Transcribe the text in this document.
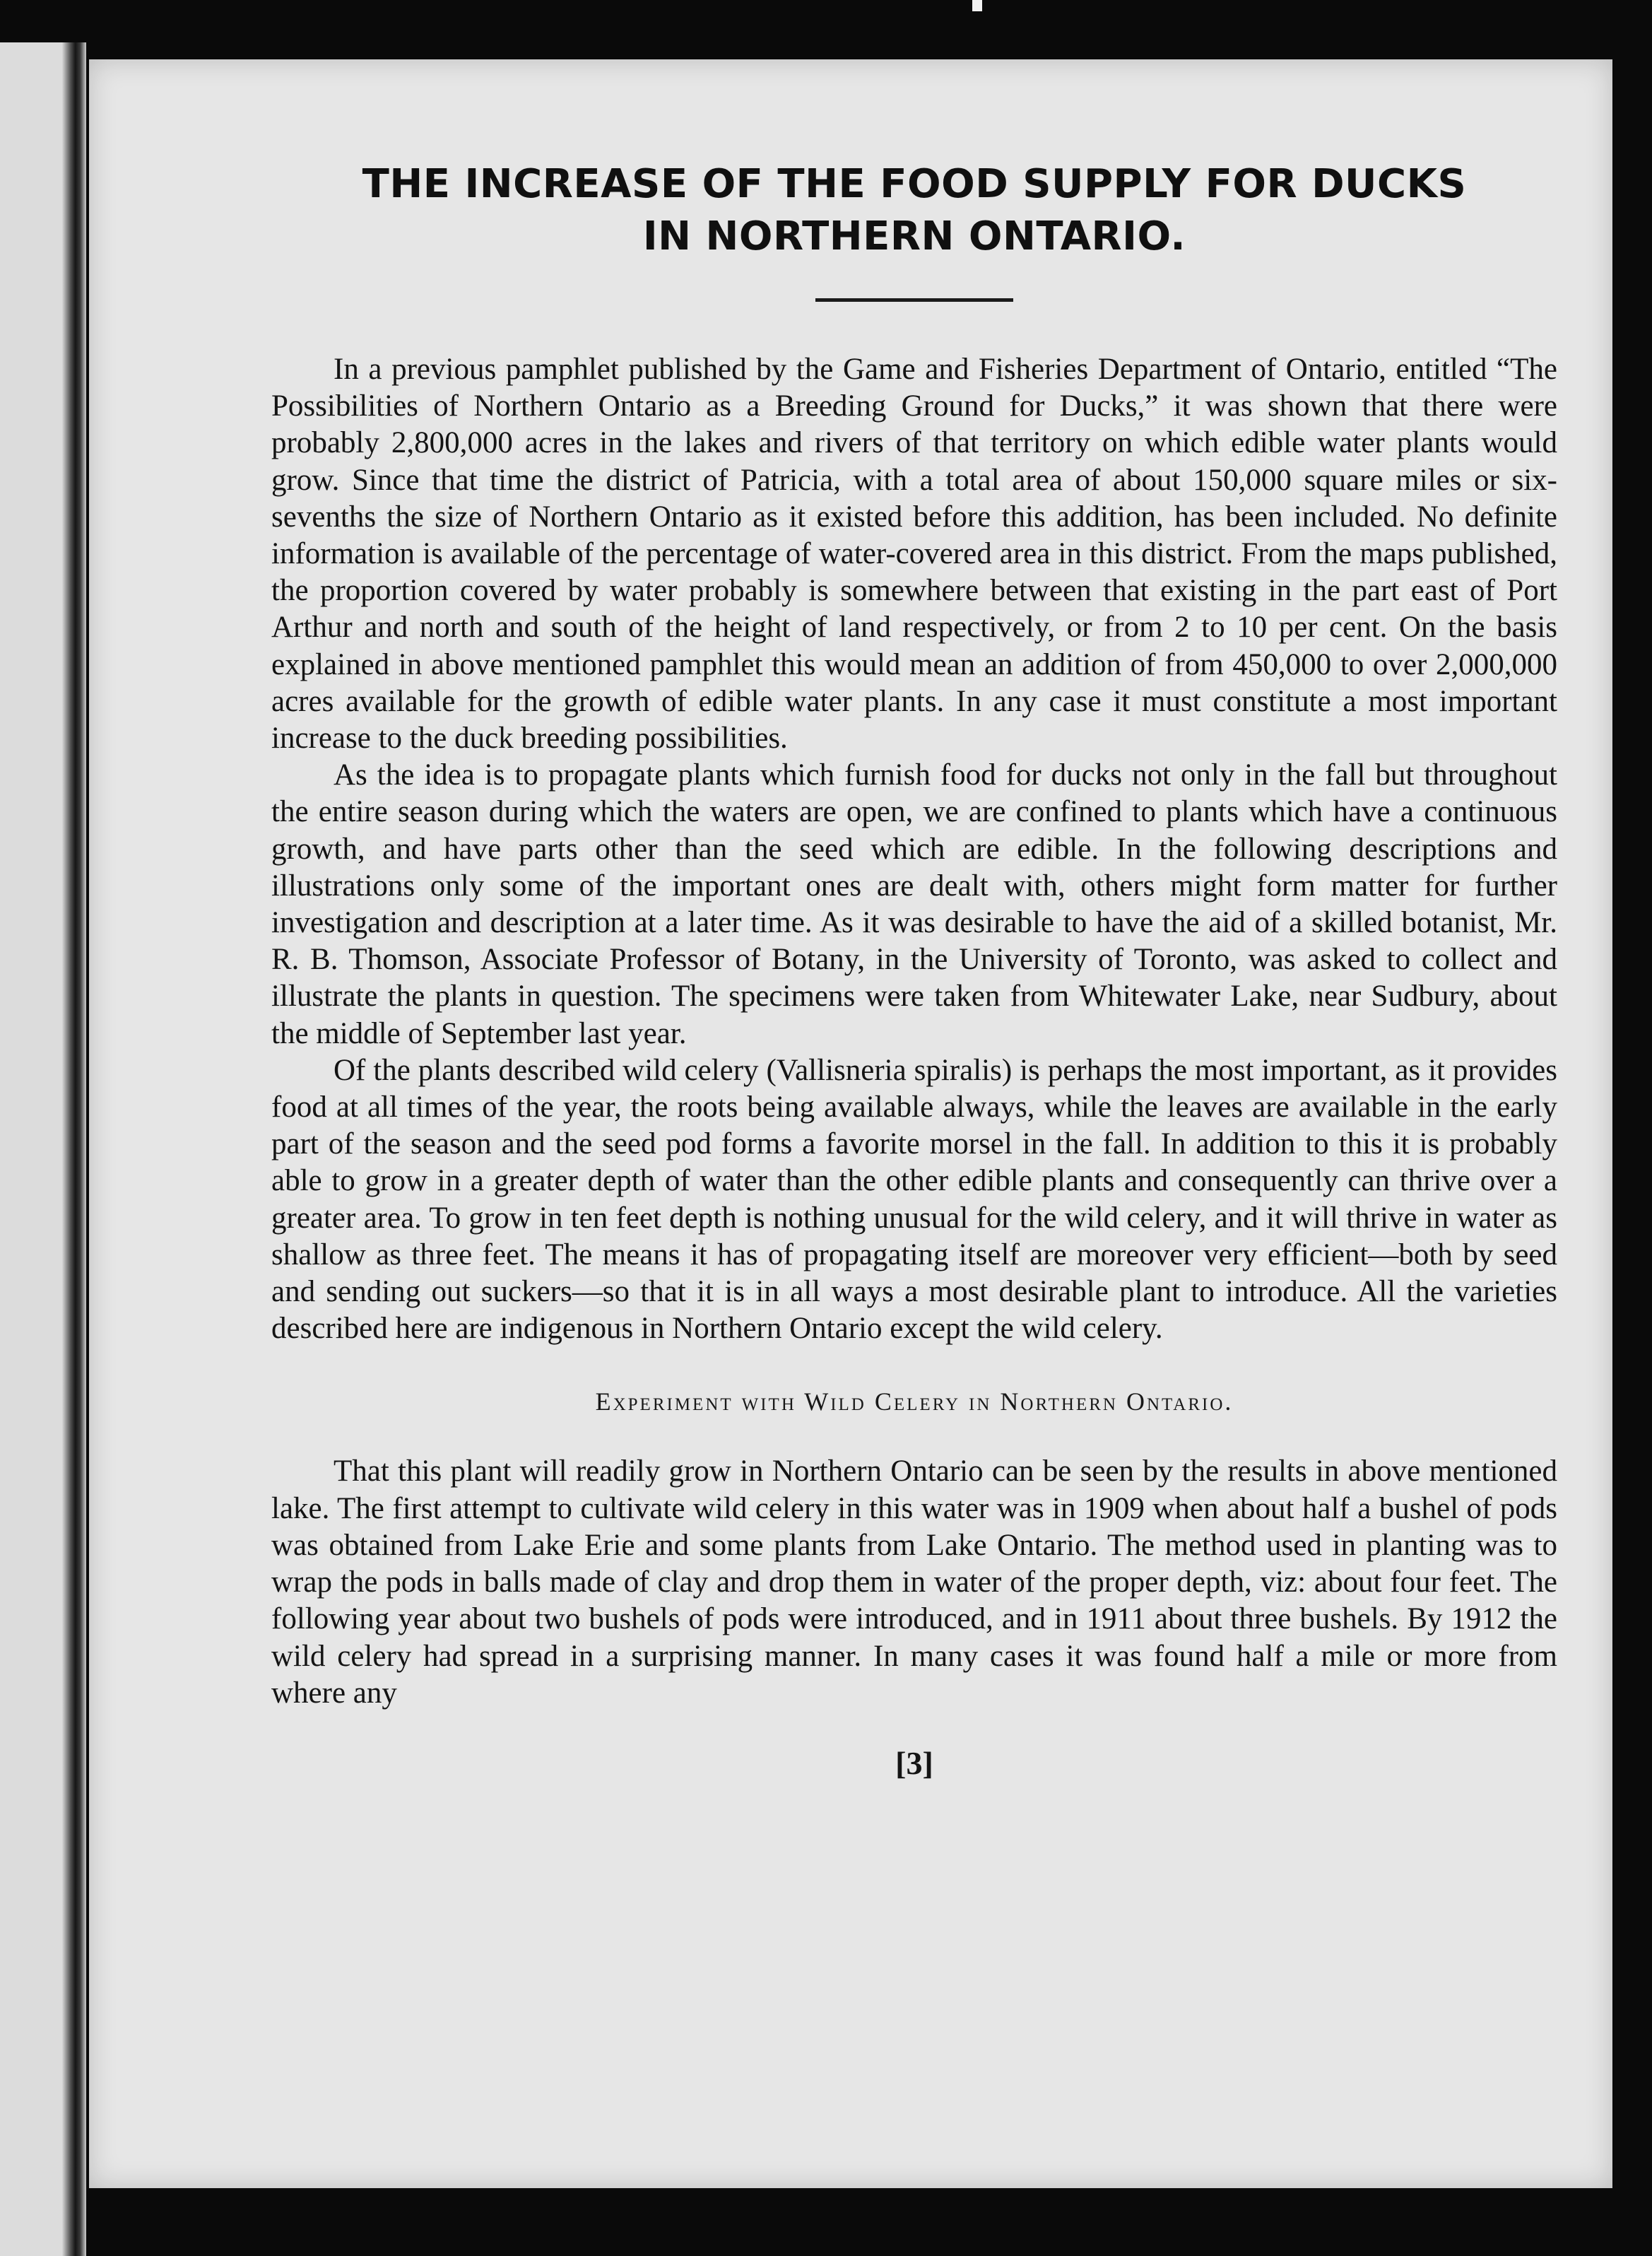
THE INCREASE OF THE FOOD SUPPLY FOR DUCKS
IN NORTHERN ONTARIO.

In a previous pamphlet published by the Game and Fisheries Department of Ontario, entitled “The Possibilities of Northern Ontario as a Breeding Ground for Ducks,” it was shown that there were probably 2,800,000 acres in the lakes and rivers of that territory on which edible water plants would grow. Since that time the district of Patricia, with a total area of about 150,000 square miles or six-sevenths the size of Northern Ontario as it existed before this addition, has been included. No definite information is available of the percentage of water-covered area in this district. From the maps published, the proportion covered by water probably is somewhere between that existing in the part east of Port Arthur and north and south of the height of land respectively, or from 2 to 10 per cent. On the basis explained in above mentioned pamphlet this would mean an addition of from 450,000 to over 2,000,000 acres available for the growth of edible water plants. In any case it must constitute a most important increase to the duck breeding possibilities.

As the idea is to propagate plants which furnish food for ducks not only in the fall but throughout the entire season during which the waters are open, we are confined to plants which have a continuous growth, and have parts other than the seed which are edible. In the following descriptions and illustrations only some of the important ones are dealt with, others might form matter for further investigation and description at a later time. As it was desirable to have the aid of a skilled botanist, Mr. R. B. Thomson, Associate Professor of Botany, in the University of Toronto, was asked to collect and illustrate the plants in question. The specimens were taken from Whitewater Lake, near Sudbury, about the middle of September last year.

Of the plants described wild celery (Vallisneria spiralis) is perhaps the most important, as it provides food at all times of the year, the roots being available always, while the leaves are available in the early part of the season and the seed pod forms a favorite morsel in the fall. In addition to this it is probably able to grow in a greater depth of water than the other edible plants and consequently can thrive over a greater area. To grow in ten feet depth is nothing unusual for the wild celery, and it will thrive in water as shallow as three feet. The means it has of propagating itself are moreover very efficient—both by seed and sending out suckers—so that it is in all ways a most desirable plant to introduce. All the varieties described here are indigenous in Northern Ontario except the wild celery.

Experiment with Wild Celery in Northern Ontario.

That this plant will readily grow in Northern Ontario can be seen by the results in above mentioned lake. The first attempt to cultivate wild celery in this water was in 1909 when about half a bushel of pods was obtained from Lake Erie and some plants from Lake Ontario. The method used in planting was to wrap the pods in balls made of clay and drop them in water of the proper depth, viz: about four feet. The following year about two bushels of pods were introduced, and in 1911 about three bushels. By 1912 the wild celery had spread in a surprising manner. In many cases it was found half a mile or more from where any

[3]
